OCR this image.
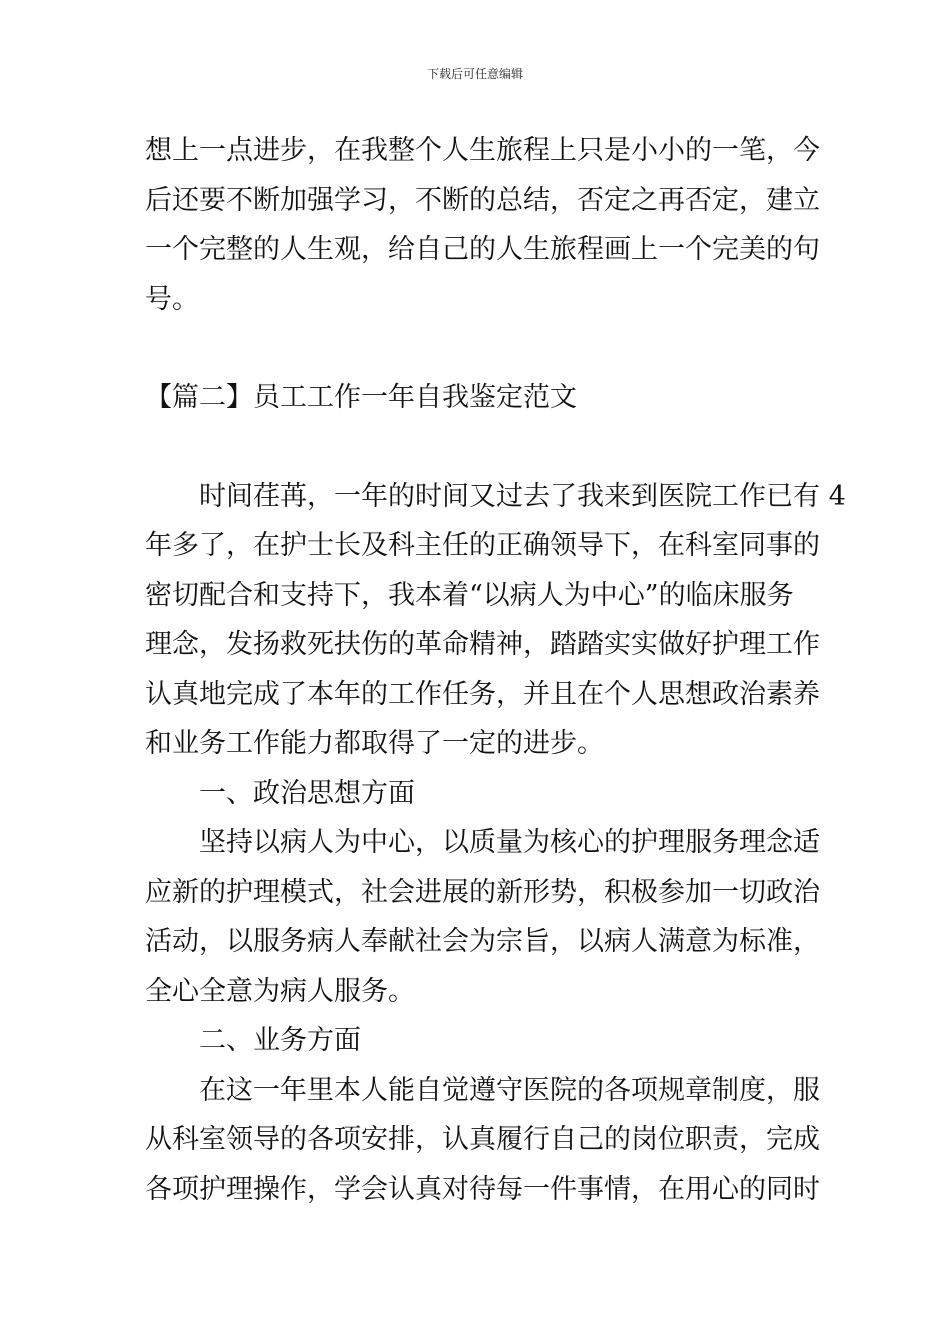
下载后可任意编辑
想上一点进步，在我整个人生旅程上只是小小的一笔，今
后还要不断加强学习，不断的总结，否定之再否定，建立
一个完整的人生观，给自己的人生旅程画上一个完美的句
号。
【篇二】员工工作一年自我鉴定范文
时间荏苒，一年的时间又过去了我来到医院工作已有 4
年多了，在护士长及科主任的正确领导下，在科室同事的
密切配合和支持下，我本着“以病人为中心”的临床服务
理念，发扬救死扶伤的革命精神，踏踏实实做好护理工作
认真地完成了本年的工作任务，并且在个人思想政治素养
和业务工作能力都取得了一定的进步。
一、政治思想方面
坚持以病人为中心，以质量为核心的护理服务理念适
应新的护理模式，社会进展的新形势，积极参加一切政治
活动，以服务病人奉献社会为宗旨，以病人满意为标准，
全心全意为病人服务。
二、业务方面
在这一年里本人能自觉遵守医院的各项规章制度，服
从科室领导的各项安排，认真履行自己的岗位职责，完成
各项护理操作，学会认真对待每一件事情，在用心的同时
